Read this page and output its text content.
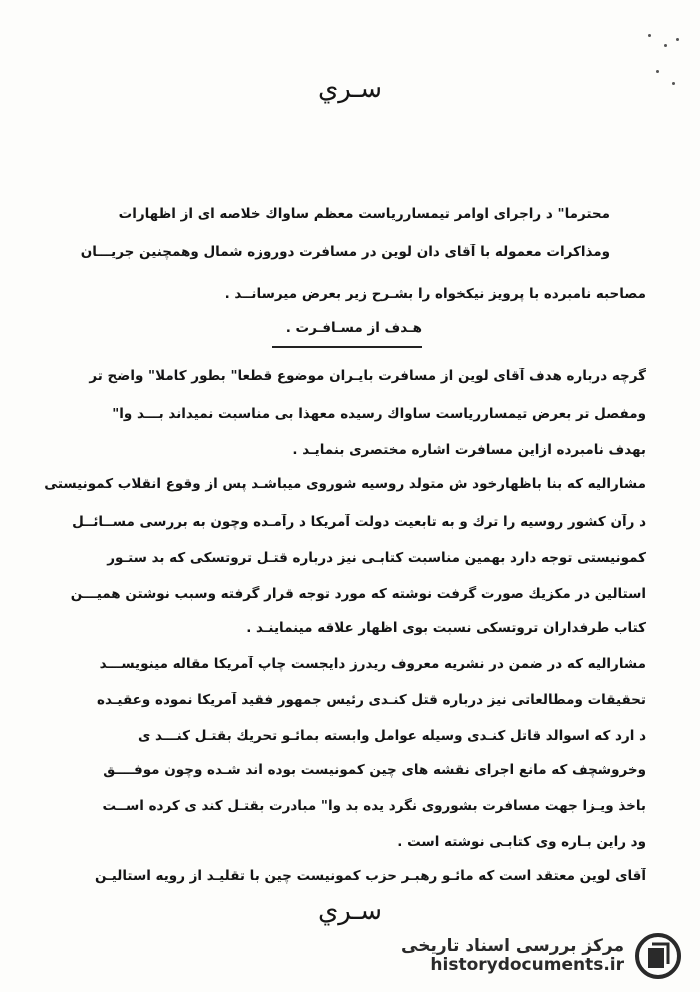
سـري
محترما" د راجرای اوامر تیمسارریاست معظم ساواك خلاصه ای از اظهارات
ومذاكرات معموله با آقای دان لوین در مسافرت دوروزه شمال وهمچنین جریـــان
مصاحبه نامبرده با پرویز نیكخواه را بشـرح زیر بعرض میرسانــد .
گرچه درباره هدف آقای لوین از مسافرت بایـران موضوع قطعا" بطور كاملا" واضح تر
ومفصل تر بعرض تیمسارریاست ساواك رسیده معهذا بی مناسبت نمیداند بـــد وا"
بهدف نامبرده ازاین مسافرت اشاره مختصری بنمایـد .
مشارالیه كه بنا باظهارخود ش متولد روسیه شوروی میباشـد پس از وقوع انقلاب كمونیستی
د رآن كشور روسیه را ترك و به تابعیت دولت آمریكا د رآمـده وچون به بررسی مســائــل
كمونیستی توجه دارد بهمین مناسبت كتابـی نیز درباره قتـل تروتسكی كه بد ستـور
استالین در مكزیك صورت گرفت نوشته كه مورد توجه قرار گرفته وسبب نوشتن همیـــن
كتاب طرفداران تروتسكی نسبت بوی اظهار علاقه مینماینـد .
مشارالیه كه در ضمن در نشریه معروف ریدرز دایجست چاپ آمریكا مقاله مینویســـد
تحقیقات ومطالعاتی نیز درباره قتل كنـدی رئیس جمهور فقید آمریكا نموده وعقیـده
د ارد كه اسوالد قاتل كنـدی وسیله عوامل وابسته بمائـو تحریك بقتـل كنـــد ی
وخروشچف كه مانع اجرای نقشه های چین كمونیست بوده اند شـده وچون موفــــق
باخذ ویـزا جهت مسافرت بشوروی نگرد یده بد وا" مبادرت بقتـل كند ی كرده اســت
ود راین بـاره وی كتابـی نوشته است .
آقای لوین معتقد است كه مائـو رهبـر حزب كمونیست چین با تقلیـد از رویه استالیـن
هـدف از مسـافـرت .
سـري
مركز بررسی اسناد تاریخی
historydocuments.ir
